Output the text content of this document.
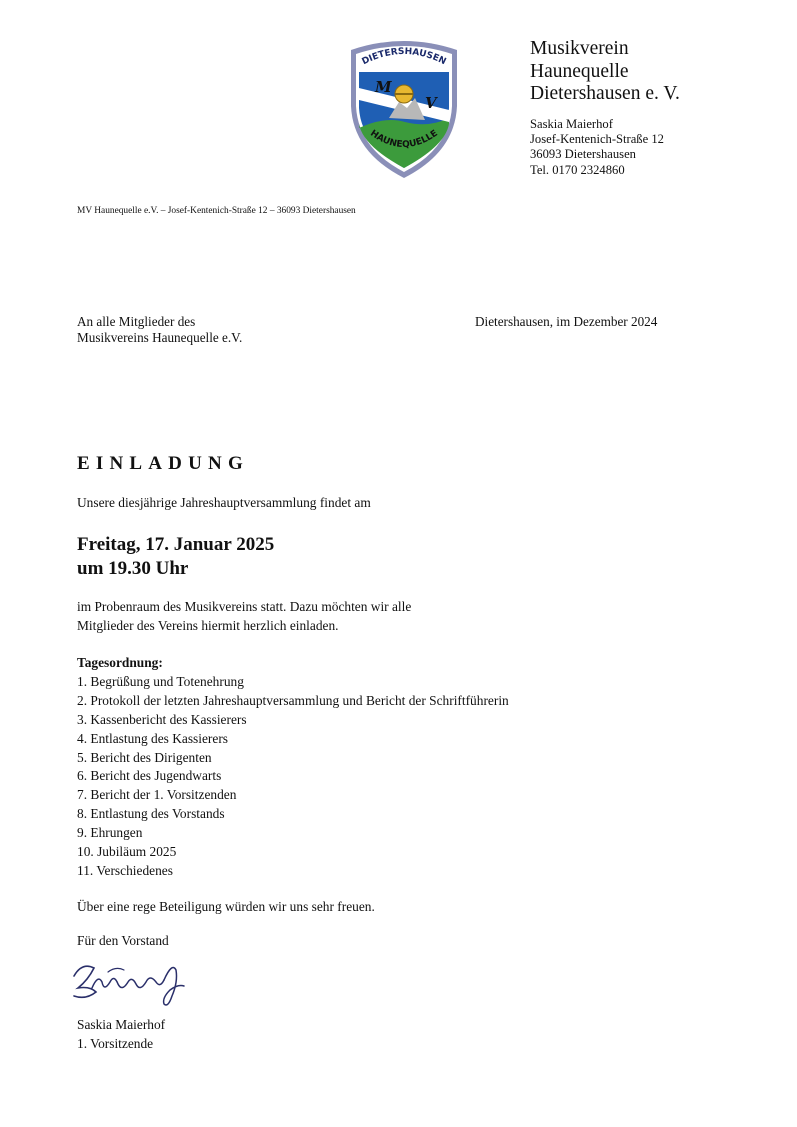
M
V
DIETERSHAUSEN
HAUNEQUELLE
Musikverein
Haunequelle
Dietershausen e. V.
Saskia Maierhof
Josef-Kentenich-Straße 12
36093 Dietershausen
Tel. 0170 2324860
MV Haunequelle e.V. – Josef-Kentenich-Straße 12 – 36093 Dietershausen
An alle Mitglieder des
Musikvereins Haunequelle e.V.
Dietershausen, im Dezember 2024
EINLADUNG
Unsere diesjährige Jahreshauptversammlung findet am
Freitag, 17. Januar 2025
um 19.30 Uhr
im Probenraum des Musikvereins statt. Dazu möchten wir alle
Mitglieder des Vereins hiermit herzlich einladen.
Tagesordnung:
1. Begrüßung und Totenehrung
2. Protokoll der letzten Jahreshauptversammlung und Bericht der Schriftführerin
3. Kassenbericht des Kassierers
4. Entlastung des Kassierers
5. Bericht des Dirigenten
6. Bericht des Jugendwarts
7. Bericht der 1. Vorsitzenden
8. Entlastung des Vorstands
9. Ehrungen
10. Jubiläum 2025
11. Verschiedenes
Über eine rege Beteiligung würden wir uns sehr freuen.
Für den Vorstand
Saskia Maierhof
1. Vorsitzende
